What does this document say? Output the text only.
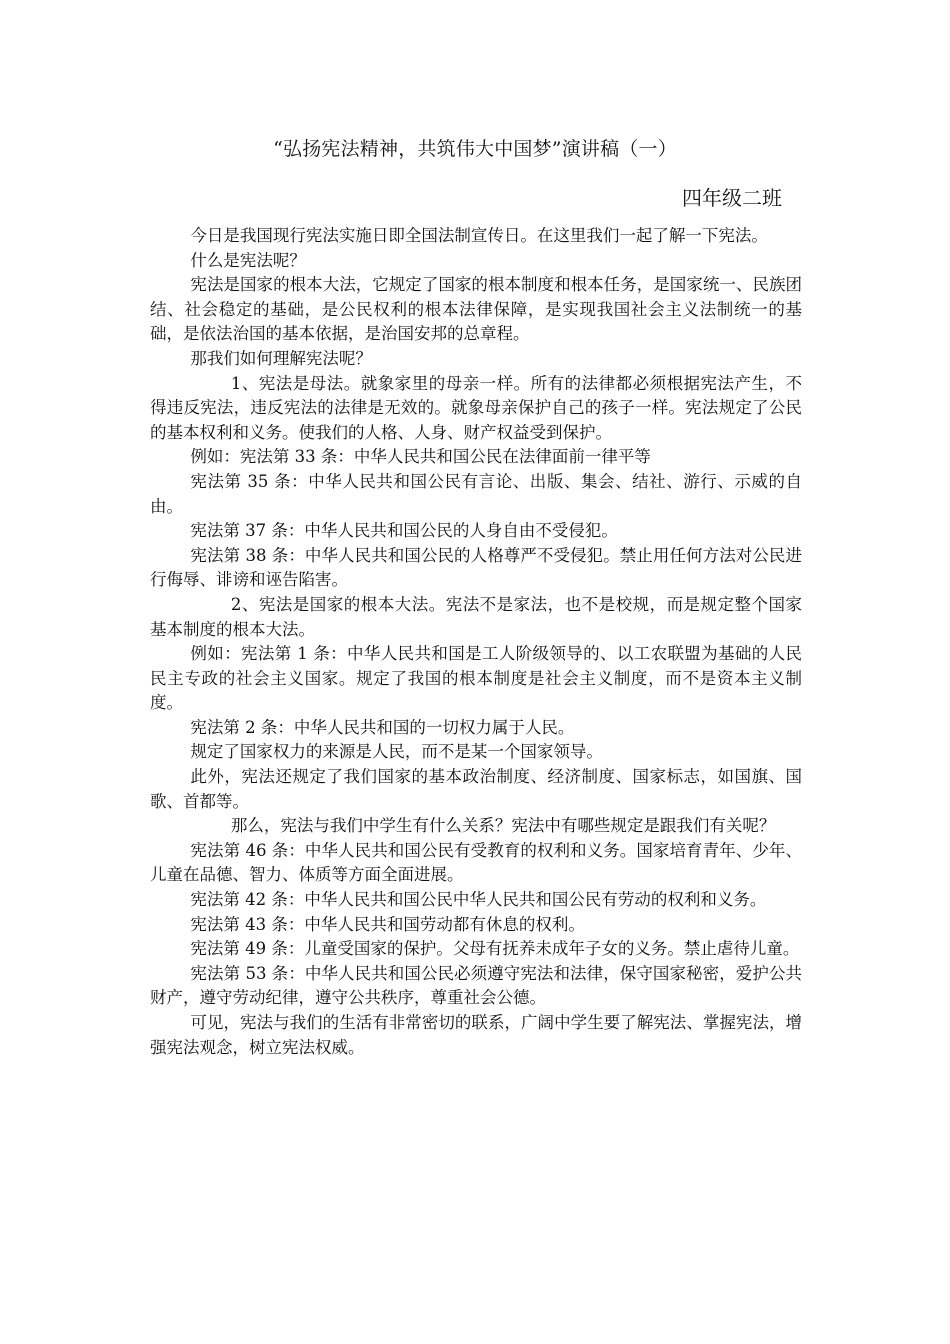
“弘扬宪法精神，共筑伟大中国梦”演讲稿（一）
四年级二班

今日是我国现行宪法实施日即全国法制宣传日。在这里我们一起了解一下宪法。

什么是宪法呢？

宪法是国家的根本大法，它规定了国家的根本制度和根本任务，是国家统一、民族团结、社会稳定的基础，是公民权利的根本法律保障，是实现我国社会主义法制统一的基础，是依法治国的基本依据，是治国安邦的总章程。

那我们如何理解宪法呢？

1、宪法是母法。就象家里的母亲一样。所有的法律都必须根据宪法产生，不得违反宪法，违反宪法的法律是无效的。就象母亲保护自己的孩子一样。宪法规定了公民的基本权利和义务。使我们的人格、人身、财产权益受到保护。

例如：宪法第 33 条：中华人民共和国公民在法律面前一律平等

宪法第 35 条：中华人民共和国公民有言论、出版、集会、结社、游行、示威的自由。

宪法第 37 条：中华人民共和国公民的人身自由不受侵犯。

宪法第 38 条：中华人民共和国公民的人格尊严不受侵犯。禁止用任何方法对公民进行侮辱、诽谤和诬告陷害。

2、宪法是国家的根本大法。宪法不是家法，也不是校规，而是规定整个国家基本制度的根本大法。

例如：宪法第 1 条：中华人民共和国是工人阶级领导的、以工农联盟为基础的人民民主专政的社会主义国家。规定了我国的根本制度是社会主义制度，而不是资本主义制度。

宪法第 2 条：中华人民共和国的一切权力属于人民。

规定了国家权力的来源是人民，而不是某一个国家领导。

此外，宪法还规定了我们国家的基本政治制度、经济制度、国家标志，如国旗、国歌、首都等。

那么，宪法与我们中学生有什么关系？宪法中有哪些规定是跟我们有关呢？

宪法第 46 条：中华人民共和国公民有受教育的权利和义务。国家培育青年、少年、儿童在品德、智力、体质等方面全面进展。

宪法第 42 条：中华人民共和国公民中华人民共和国公民有劳动的权利和义务。

宪法第 43 条：中华人民共和国劳动都有休息的权利。

宪法第 49 条：儿童受国家的保护。父母有抚养未成年子女的义务。禁止虐待儿童。

宪法第 53 条：中华人民共和国公民必须遵守宪法和法律，保守国家秘密，爱护公共财产，遵守劳动纪律，遵守公共秩序，尊重社会公德。

可见，宪法与我们的生活有非常密切的联系，广阔中学生要了解宪法、掌握宪法，增强宪法观念，树立宪法权威。
